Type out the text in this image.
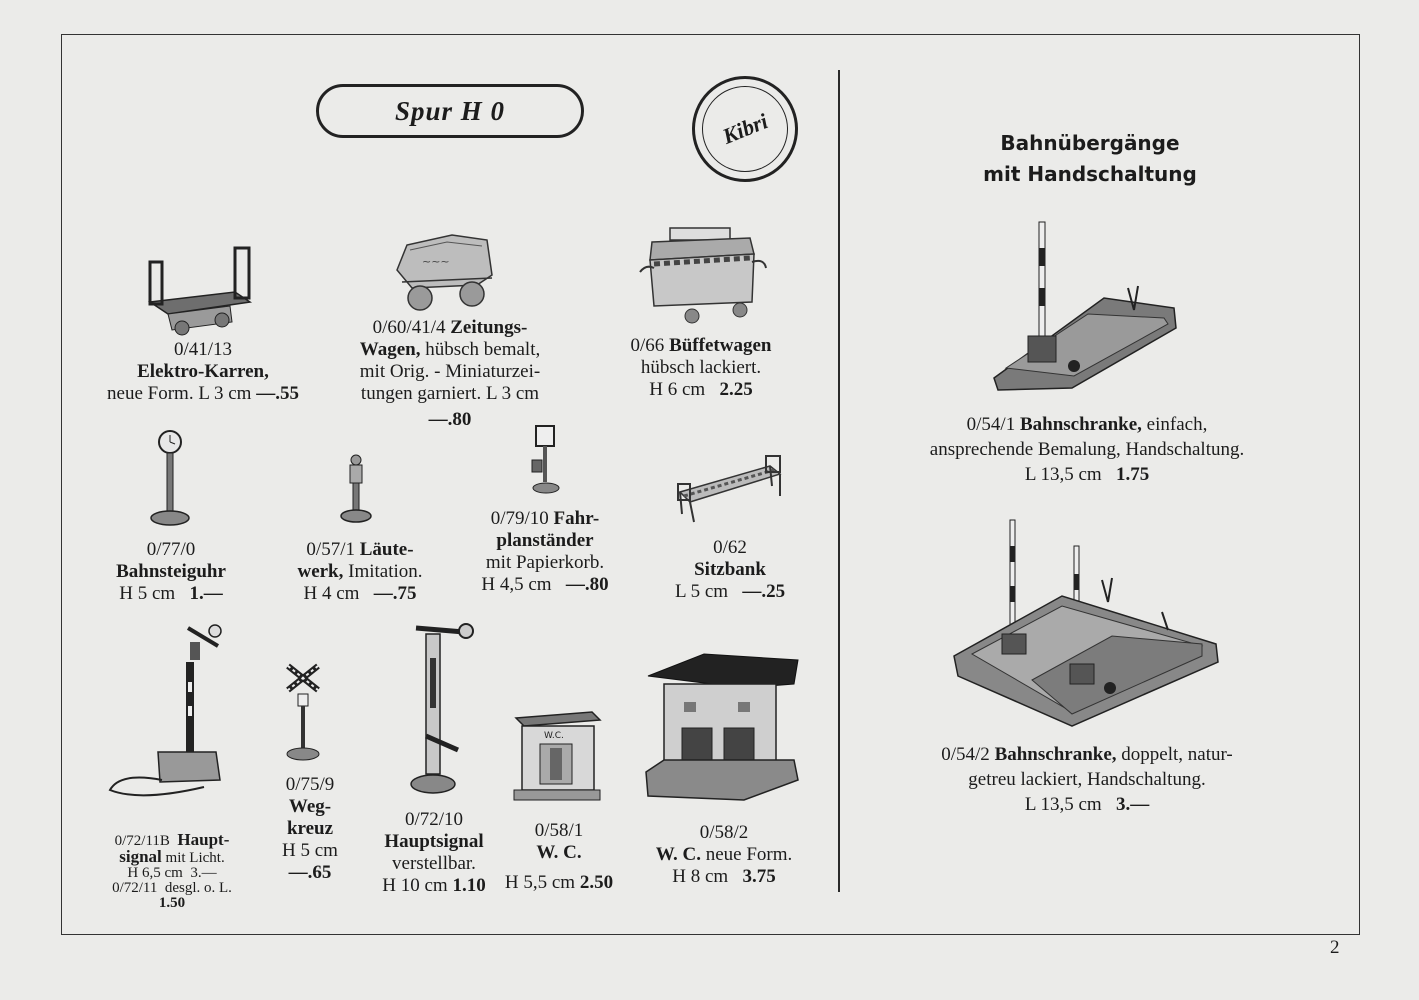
Spur H 0	Kibri	Bahnübergänge
mit Handschaltung
~~~
W.C.
0/41/13
Elektro-Karren,
neue Form. L 3 cm —.55
0/60/41/4 Zeitungs-
Wagen, hübsch bemalt,
mit Orig. - Miniaturzei-
tungen garniert. L 3 cm
—.80
0/66 Büffetwagen
hübsch lackiert.
H 6 cm 2.25
0/77/0
Bahnsteiguhr
H 5 cm 1.—
0/57/1 Läute-
werk, Imitation.
H 4 cm —.75
0/79/10 Fahr-
planständer
mit Papierkorb.
H 4,5 cm —.80
0/62
Sitzbank
L 5 cm —.25
0/72/11B Haupt-
signal mit Licht.
H 6,5 cm 3.—
0/72/11 desgl. o. L.
1.50
0/75/9
Weg-
kreuz
H 5 cm
—.65
0/72/10
Hauptsignal
verstellbar.
H 10 cm 1.10
0/58/1
W. C.
H 5,5 cm 2.50
0/58/2
W. C. neue Form.
H 8 cm 3.75
0/54/1 Bahnschranke, einfach,
ansprechende Bemalung, Handschaltung.
L 13,5 cm 1.75
0/54/2 Bahnschranke, doppelt, natur-
getreu lackiert, Handschaltung.
L 13,5 cm 3.—
2
